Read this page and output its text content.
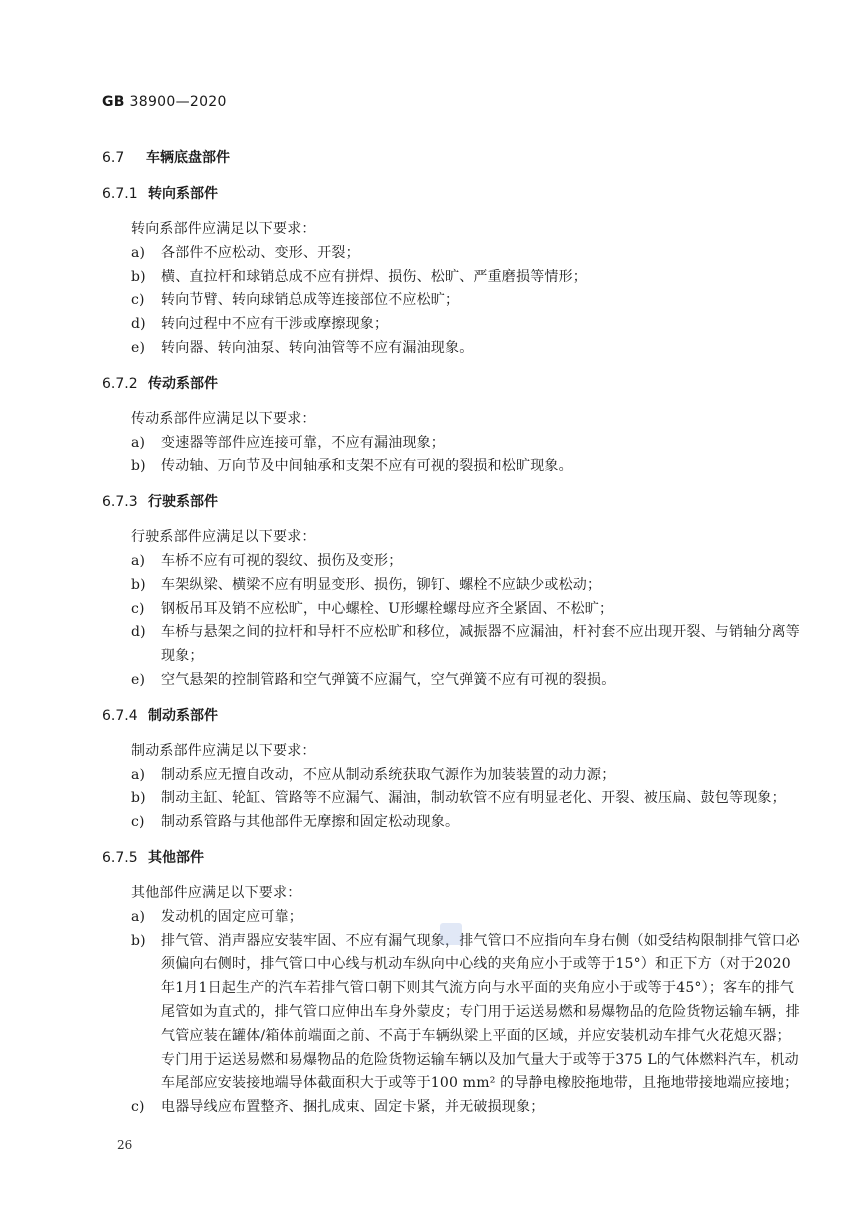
GB 38900—2020
6.7 车辆底盘部件
6.7.1 转向系部件
转向系部件应满足以下要求：
a) 各部件不应松动、变形、开裂；
b) 横、直拉杆和球销总成不应有拼焊、损伤、松旷、严重磨损等情形；
c) 转向节臂、转向球销总成等连接部位不应松旷；
d) 转向过程中不应有干涉或摩擦现象；
e) 转向器、转向油泵、转向油管等不应有漏油现象。
6.7.2 传动系部件
传动系部件应满足以下要求：
a) 变速器等部件应连接可靠，不应有漏油现象；
b) 传动轴、万向节及中间轴承和支架不应有可视的裂损和松旷现象。
6.7.3 行驶系部件
行驶系部件应满足以下要求：
a) 车桥不应有可视的裂纹、损伤及变形；
b) 车架纵梁、横梁不应有明显变形、损伤，铆钉、螺栓不应缺少或松动；
c) 钢板吊耳及销不应松旷，中心螺栓、U形螺栓螺母应齐全紧固、不松旷；
d) 车桥与悬架之间的拉杆和导杆不应松旷和移位，减振器不应漏油，杆衬套不应出现开裂、与销轴分离等现象；
e) 空气悬架的控制管路和空气弹簧不应漏气，空气弹簧不应有可视的裂损。
6.7.4 制动系部件
制动系部件应满足以下要求：
a) 制动系应无擅自改动，不应从制动系统获取气源作为加装装置的动力源；
b) 制动主缸、轮缸、管路等不应漏气、漏油，制动软管不应有明显老化、开裂、被压扁、鼓包等现象；
c) 制动系管路与其他部件无摩擦和固定松动现象。
6.7.5 其他部件
其他部件应满足以下要求：
a) 发动机的固定应可靠；
b) 排气管、消声器应安装牢固、不应有漏气现象，排气管口不应指向车身右侧（如受结构限制排气管口必须偏向右侧时，排气管口中心线与机动车纵向中心线的夹角应小于或等于15°）和正下方（对于2020年1月1日起生产的汽车若排气管口朝下则其气流方向与水平面的夹角应小于或等于45°）；客车的排气尾管如为直式的，排气管口应伸出车身外蒙皮；专门用于运送易燃和易爆物品的危险货物运输车辆，排气管应装在罐体/箱体前端面之前、不高于车辆纵梁上平面的区域，并应安装机动车排气火花熄灭器；专门用于运送易燃和易爆物品的危险货物运输车辆以及加气量大于或等于375 L的气体燃料汽车，机动车尾部应安装接地端导体截面积大于或等于100 mm² 的导静电橡胶拖地带，且拖地带接地端应接地；
c) 电器导线应布置整齐、捆扎成束、固定卡紧，并无破损现象；
26
